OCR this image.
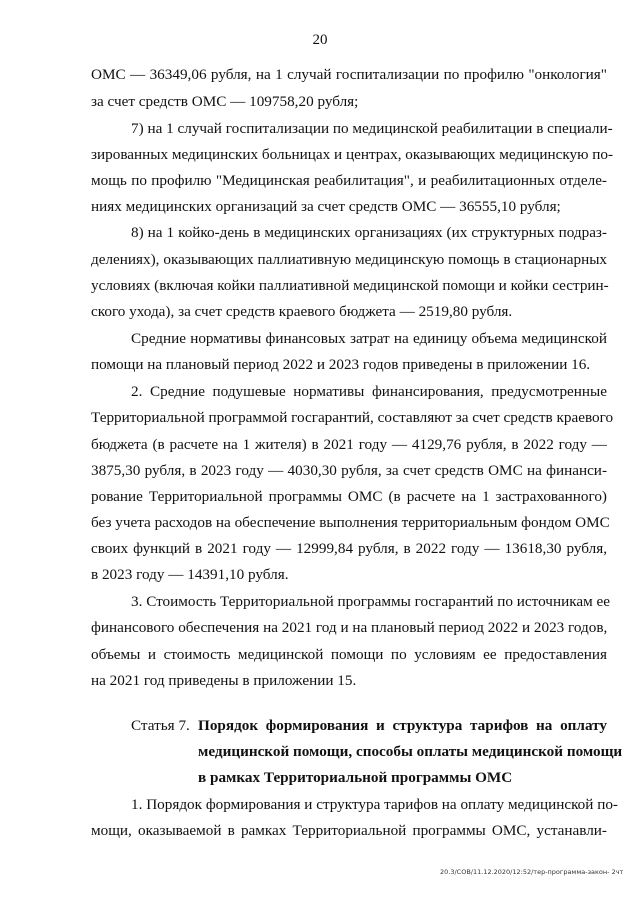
20
ОМС — 36349,06 рубля, на 1 случай госпитализации по профилю "онкология"
за счет средств ОМС — 109758,20 рубля;
7) на 1 случай госпитализации по медицинской реабилитации в специали-
зированных медицинских больницах и центрах, оказывающих медицинскую по-
мощь по профилю "Медицинская реабилитация", и реабилитационных отделе-
ниях медицинских организаций за счет средств ОМС — 36555,10 рубля;
8) на 1 койко-день в медицинских организациях (их структурных подраз-
делениях), оказывающих паллиативную медицинскую помощь в стационарных
условиях (включая койки паллиативной медицинской помощи и койки сестрин-
ского ухода), за счет средств краевого бюджета — 2519,80 рубля.
Средние нормативы финансовых затрат на единицу объема медицинской
помощи на плановый период 2022 и 2023 годов приведены в приложении 16.
2. Средние подушевые нормативы финансирования, предусмотренные
Территориальной программой госгарантий, составляют за счет средств краевого
бюджета (в расчете на 1 жителя) в 2021 году — 4129,76 рубля, в 2022 году —
3875,30 рубля, в 2023 году — 4030,30 рубля, за счет средств ОМС на финанси-
рование Территориальной программы ОМС (в расчете на 1 застрахованного)
без учета расходов на обеспечение выполнения территориальным фондом ОМС
своих функций в 2021 году — 12999,84 рубля, в 2022 году — 13618,30 рубля,
в 2023 году — 14391,10 рубля.
3. Стоимость Территориальной программы госгарантий по источникам ее
финансового обеспечения на 2021 год и на плановый период 2022 и 2023 годов,
объемы и стоимость медицинской помощи по условиям ее предоставления
на 2021 год приведены в приложении 15.
Статья 7. Порядок формирования и структура тарифов на оплату
медицинской помощи, способы оплаты медицинской помощи
в рамках Территориальной программы ОМС
1. Порядок формирования и структура тарифов на оплату медицинской по-
мощи, оказываемой в рамках Территориальной программы ОМС, устанавли-
20.3/СОВ/11.12.2020/12:52/тер-программа-закон- 2чт
